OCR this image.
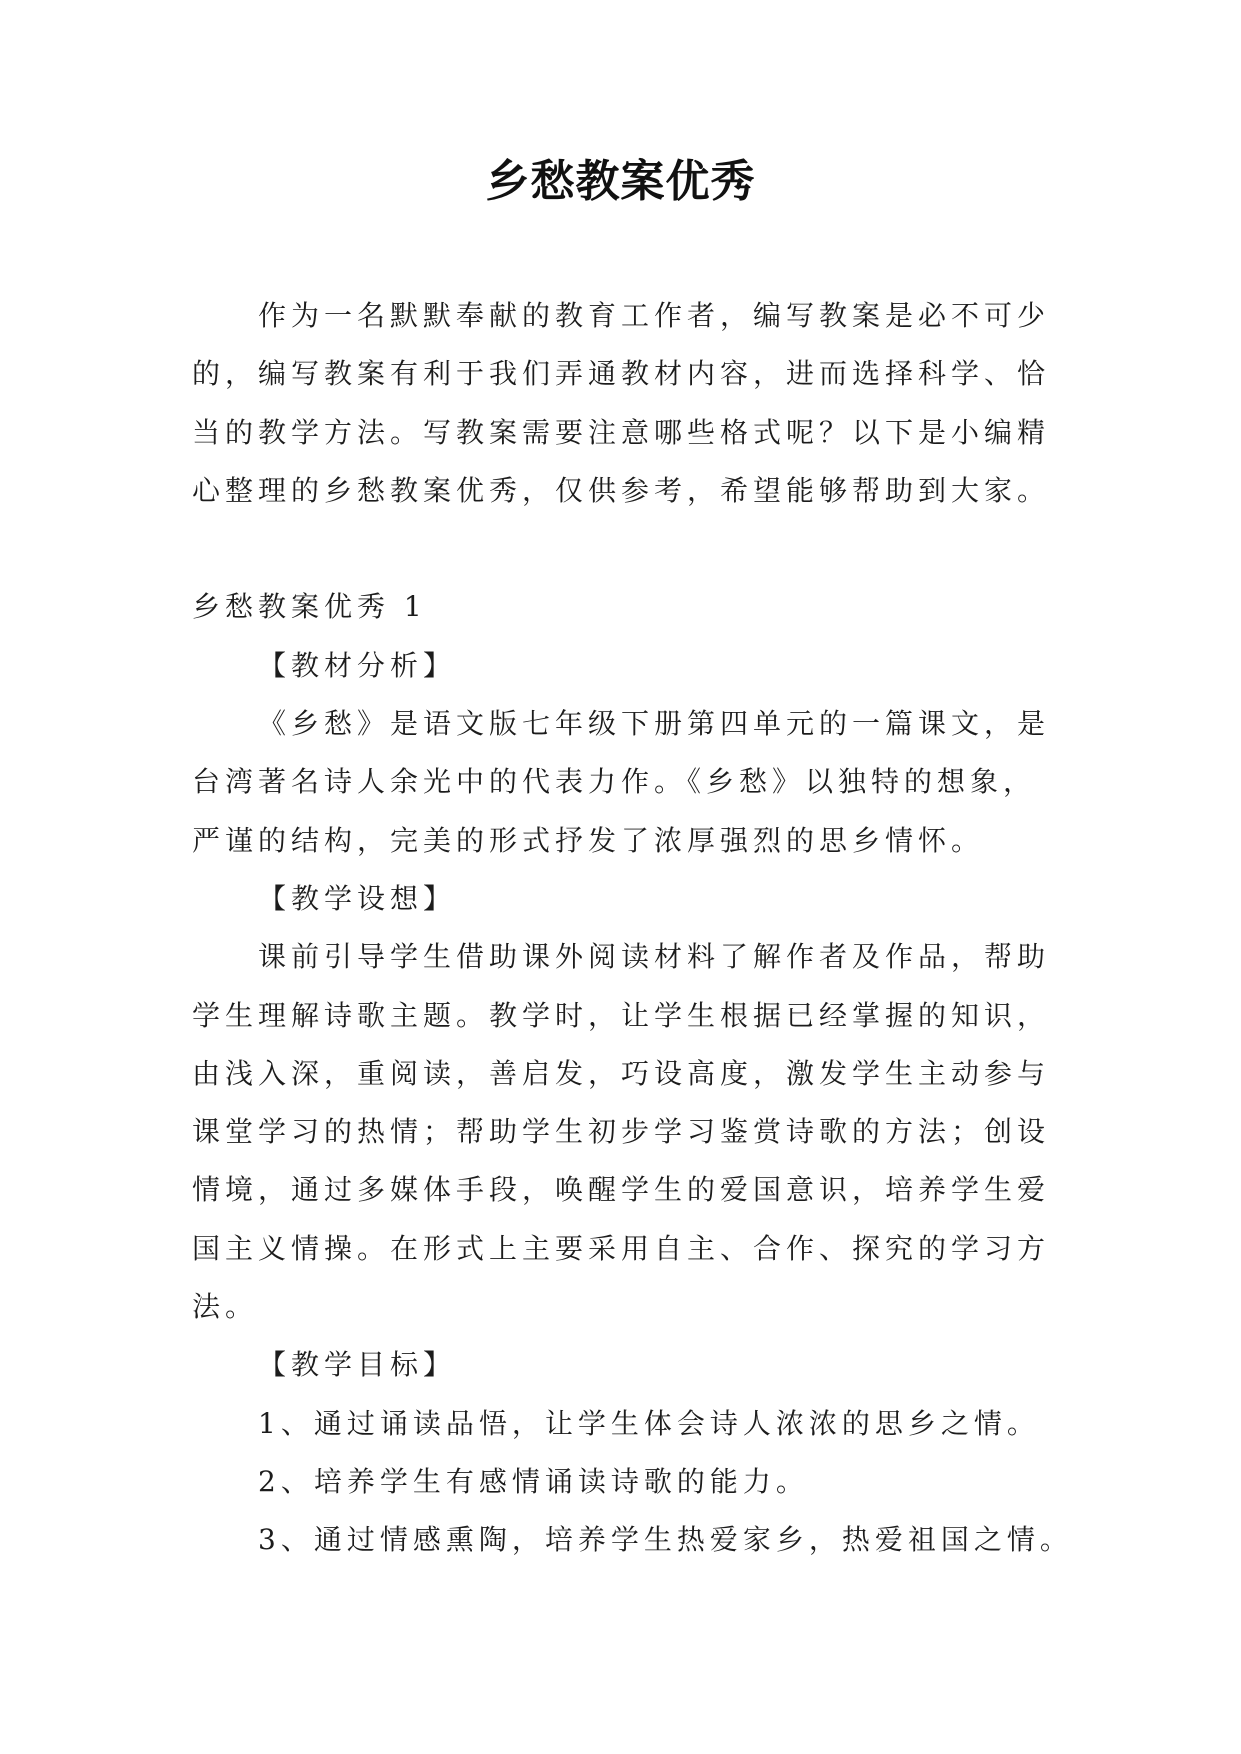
乡愁教案优秀
作为一名默默奉献的教育工作者，编写教案是必不可少
的，编写教案有利于我们弄通教材内容，进而选择科学、恰
当的教学方法。写教案需要注意哪些格式呢？以下是小编精
心整理的乡愁教案优秀，仅供参考，希望能够帮助到大家。
乡愁教案优秀 1
【教材分析】
《乡愁》是语文版七年级下册第四单元的一篇课文，是
台湾著名诗人余光中的代表力作。《乡愁》以独特的想象，
严谨的结构，完美的形式抒发了浓厚强烈的思乡情怀。
【教学设想】
课前引导学生借助课外阅读材料了解作者及作品，帮助
学生理解诗歌主题。教学时，让学生根据已经掌握的知识，
由浅入深，重阅读，善启发，巧设高度，激发学生主动参与
课堂学习的热情；帮助学生初步学习鉴赏诗歌的方法；创设
情境，通过多媒体手段，唤醒学生的爱国意识，培养学生爱
国主义情操。在形式上主要采用自主、合作、探究的学习方
法。
【教学目标】
1、通过诵读品悟，让学生体会诗人浓浓的思乡之情。
2、培养学生有感情诵读诗歌的能力。
3、通过情感熏陶，培养学生热爱家乡，热爱祖国之情。
